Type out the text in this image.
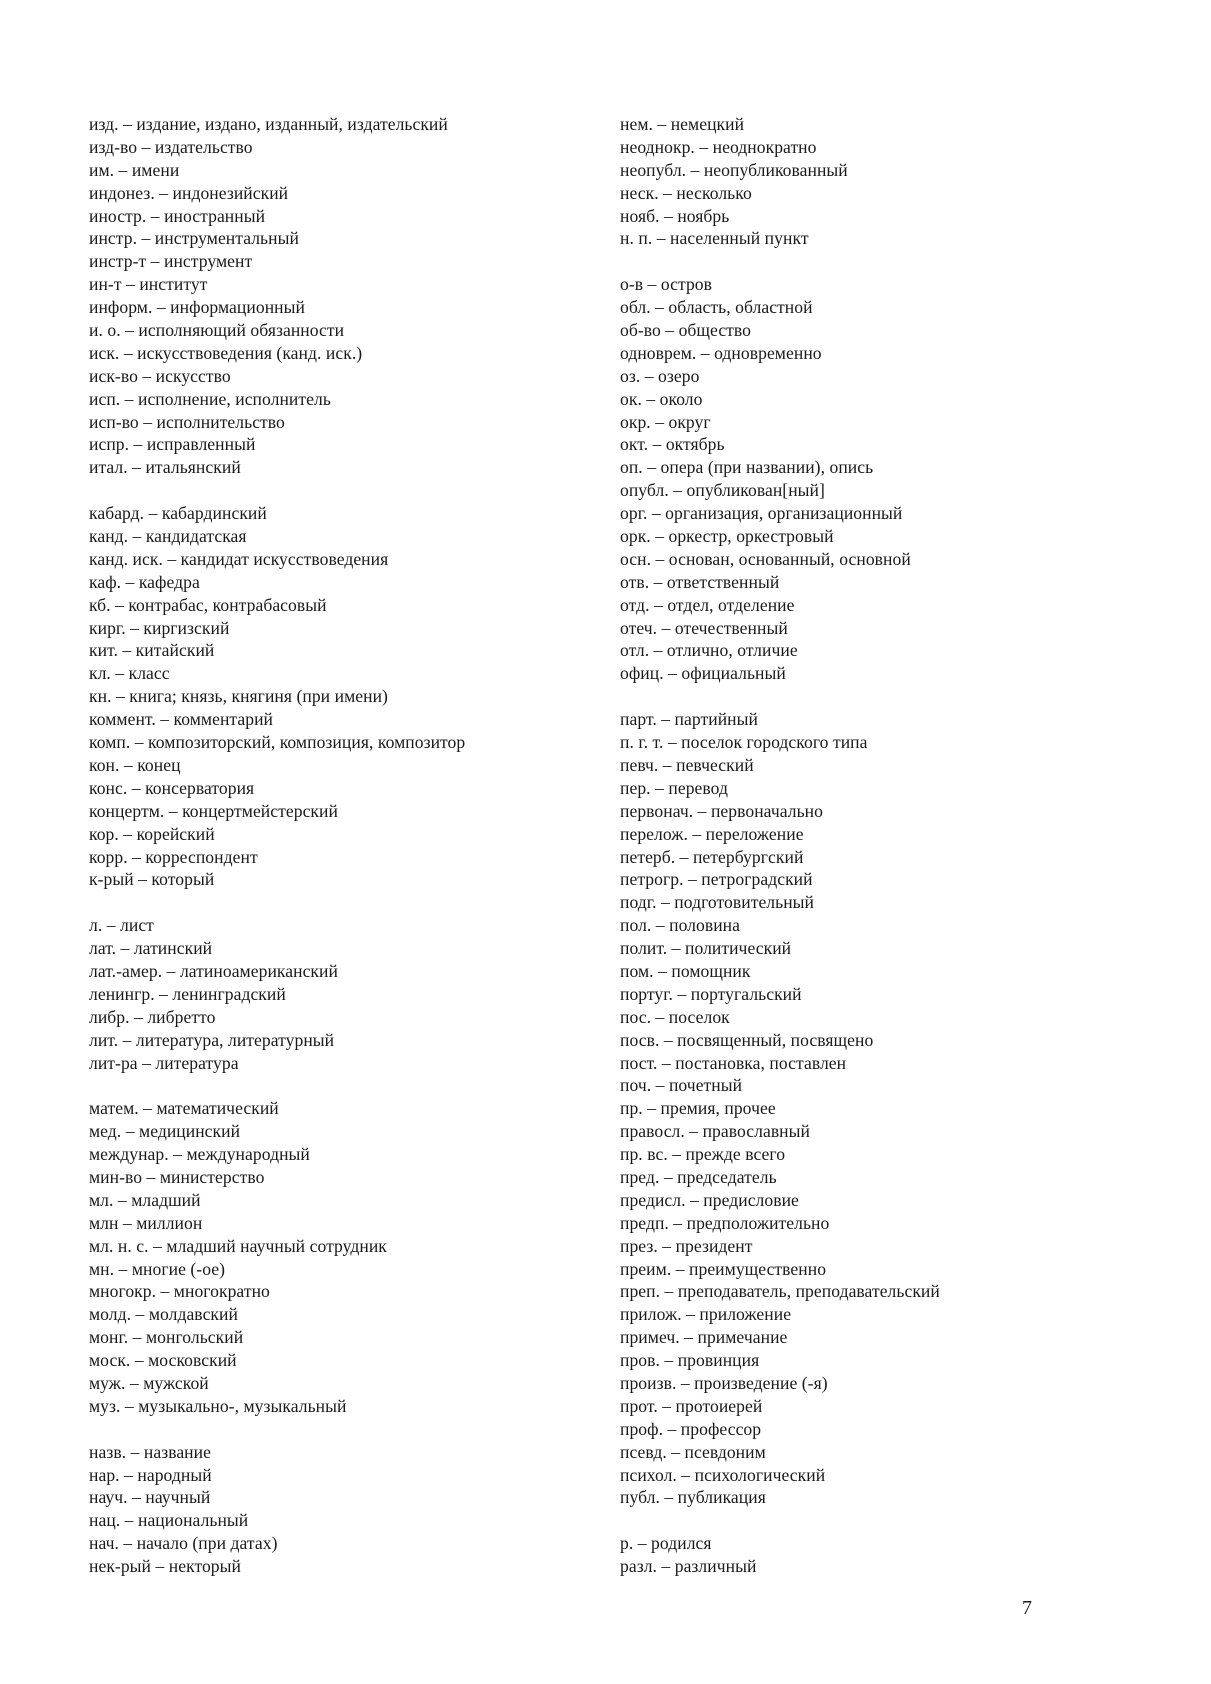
изд. – издание, издано, изданный, издательский
изд-во – издательство
им. – имени
индонез. – индонезийский
иностр. – иностранный
инстр. – инструментальный
инстр-т – инструмент
ин-т – институт
информ. – информационный
и. о. – исполняющий обязанности
иск. – искусствоведения (канд. иск.)
иск-во – искусство
исп. – исполнение, исполнитель
исп-во – исполнительство
испр. – исправленный
итал. – итальянский
кабард. – кабардинский
канд. – кандидатская
канд. иск. – кандидат искусствоведения
каф. – кафедра
кб. – контрабас, контрабасовый
кирг. – киргизский
кит. – китайский
кл. – класс
кн. – книга; князь, княгиня (при имени)
коммент. – комментарий
комп. – композиторский, композиция, композитор
кон. – конец
конс. – консерватория
концертм. – концертмейстерский
кор. – корейский
корр. – корреспондент
к-рый – который
л. – лист
лат. – латинский
лат.-амер. – латиноамериканский
ленингр. – ленинградский
либр. – либретто
лит. – литература, литературный
лит-ра – литература
матем. – математический
мед. – медицинский
междунар. – международный
мин-во – министерство
мл. – младший
млн – миллион
мл. н. с. – младший научный сотрудник
мн. – многие (-ое)
многокр. – многократно
молд. – молдавский
монг. – монгольский
моск. – московский
муж. – мужской
муз. – музыкально-, музыкальный
назв. – название
нар. – народный
науч. – научный
нац. – национальный
нач. – начало (при датах)
нек-рый – некторый
нем. – немецкий
неоднокр. – неоднократно
неопубл. – неопубликованный
неск. – несколько
нояб. – ноябрь
н. п. – населенный пункт
о-в – остров
обл. – область, областной
об-во – общество
одноврем. – одновременно
оз. – озеро
ок. – около
окр. – округ
окт. – октябрь
оп. – опера (при названии), опись
опубл. – опубликован[ный]
орг. – организация, организационный
орк. – оркестр, оркестровый
осн. – основан, основанный, основной
отв. – ответственный
отд. – отдел, отделение
отеч. – отечественный
отл. – отлично, отличие
офиц. – официальный
парт. – партийный
п. г. т. – поселок городского типа
певч. – певческий
пер. – перевод
первонач. – первоначально
перелож. – переложение
петерб. – петербургский
петрогр. – петроградский
подг. – подготовительный
пол. – половина
полит. – политический
пом. – помощник
португ. – португальский
пос. – поселок
посв. – посвященный, посвящено
пост. – постановка, поставлен
поч. – почетный
пр. – премия, прочее
правосл. – православный
пр. вс. – прежде всего
пред. – председатель
предисл. – предисловие
предп. – предположительно
през. – президент
преим. – преимущественно
преп. – преподаватель, преподавательский
прилож. – приложение
примеч. – примечание
пров. – провинция
произв. – произведение (-я)
прот. – протоиерей
проф. – профессор
псевд. – псевдоним
психол. – психологический
публ. – публикация
р. – родился
разл. – различный
7
